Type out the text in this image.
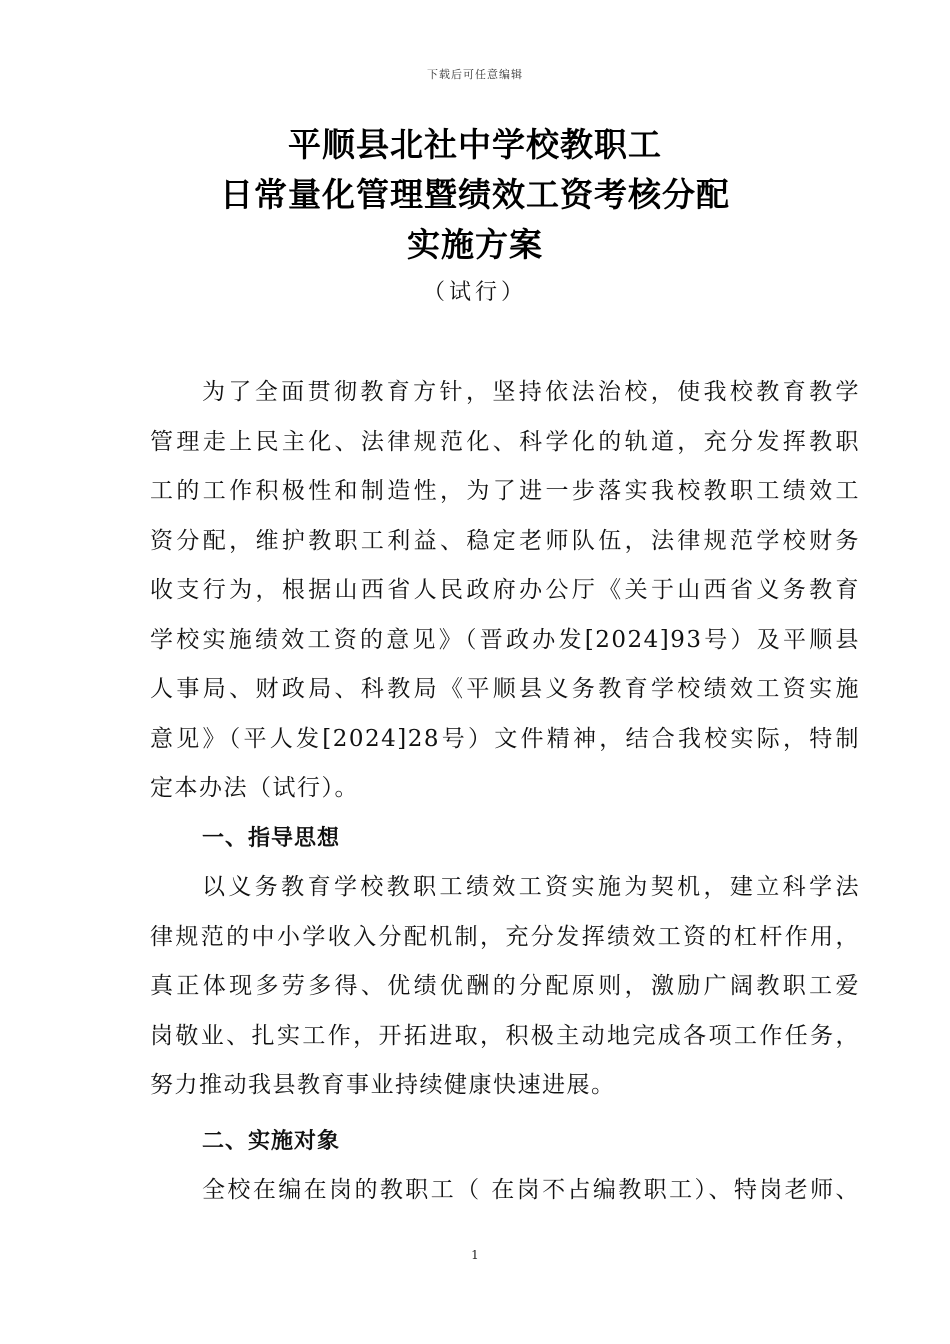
下载后可任意编辑
平顺县北社中学校教职工
日常量化管理暨绩效工资考核分配
实施方案
（试行）
为了全面贯彻教育方针，坚持依法治校，使我校教育教学
管理走上民主化、法律规范化、科学化的轨道，充分发挥教职
工的工作积极性和制造性，为了进一步落实我校教职工绩效工
资分配，维护教职工利益、稳定老师队伍，法律规范学校财务
收支行为，根据山西省人民政府办公厅《关于山西省义务教育
学校实施绩效工资的意见》（晋政办发[2024]93号）及平顺县
人事局、财政局、科教局《平顺县义务教育学校绩效工资实施
意见》（平人发[2024]28号）文件精神，结合我校实际，特制
定本办法（试行）。
一、指导思想
以义务教育学校教职工绩效工资实施为契机，建立科学法
律规范的中小学收入分配机制，充分发挥绩效工资的杠杆作用，
真正体现多劳多得、优绩优酬的分配原则，激励广阔教职工爱
岗敬业、扎实工作，开拓进取，积极主动地完成各项工作任务，
努力推动我县教育事业持续健康快速进展。
二、实施对象
全校在编在岗的教职工（ 在岗不占编教职工）、特岗老师、
1
